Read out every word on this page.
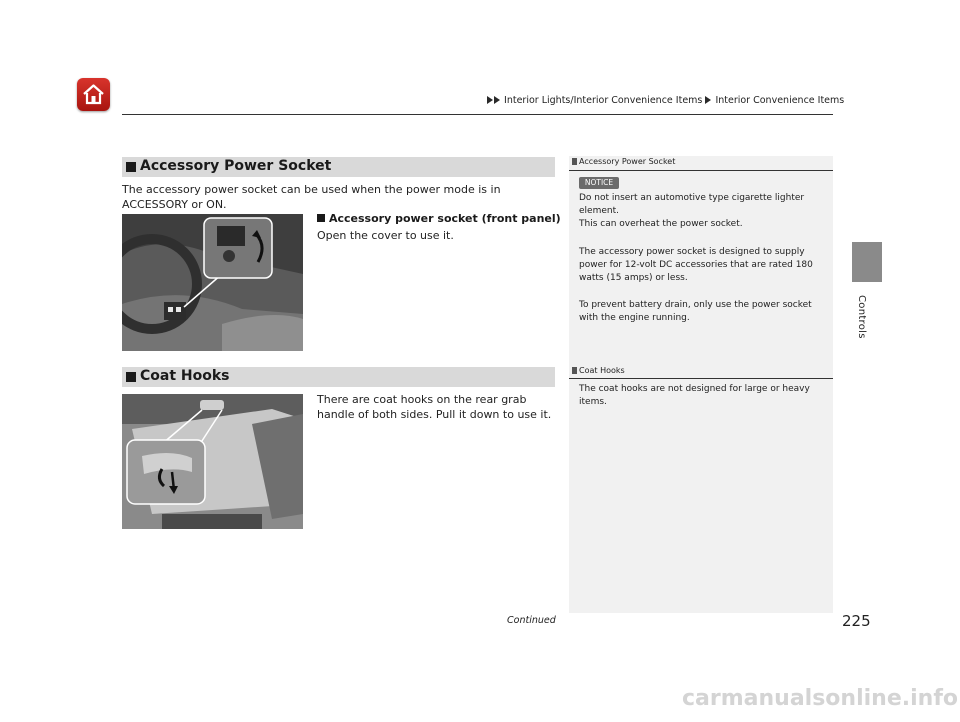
Interior Lights/Interior Convenience Items Interior Convenience Items
Controls
Accessory Power Socket
The accessory power socket can be used when the power mode is in ACCESSORY or ON.
Accessory power socket (front panel)
Open the cover to use it.
Coat Hooks
There are coat hooks on the rear grab handle of both sides. Pull it down to use it.
Accessory Power Socket
NOTICE
Do not insert an automotive type cigarette lighter element.
This can overheat the power socket.
The accessory power socket is designed to supply power for 12-volt DC accessories that are rated 180 watts (15 amps) or less.
To prevent battery drain, only use the power socket with the engine running.
Coat Hooks
The coat hooks are not designed for large or heavy items.
Continued	225
carmanualsonline.info
